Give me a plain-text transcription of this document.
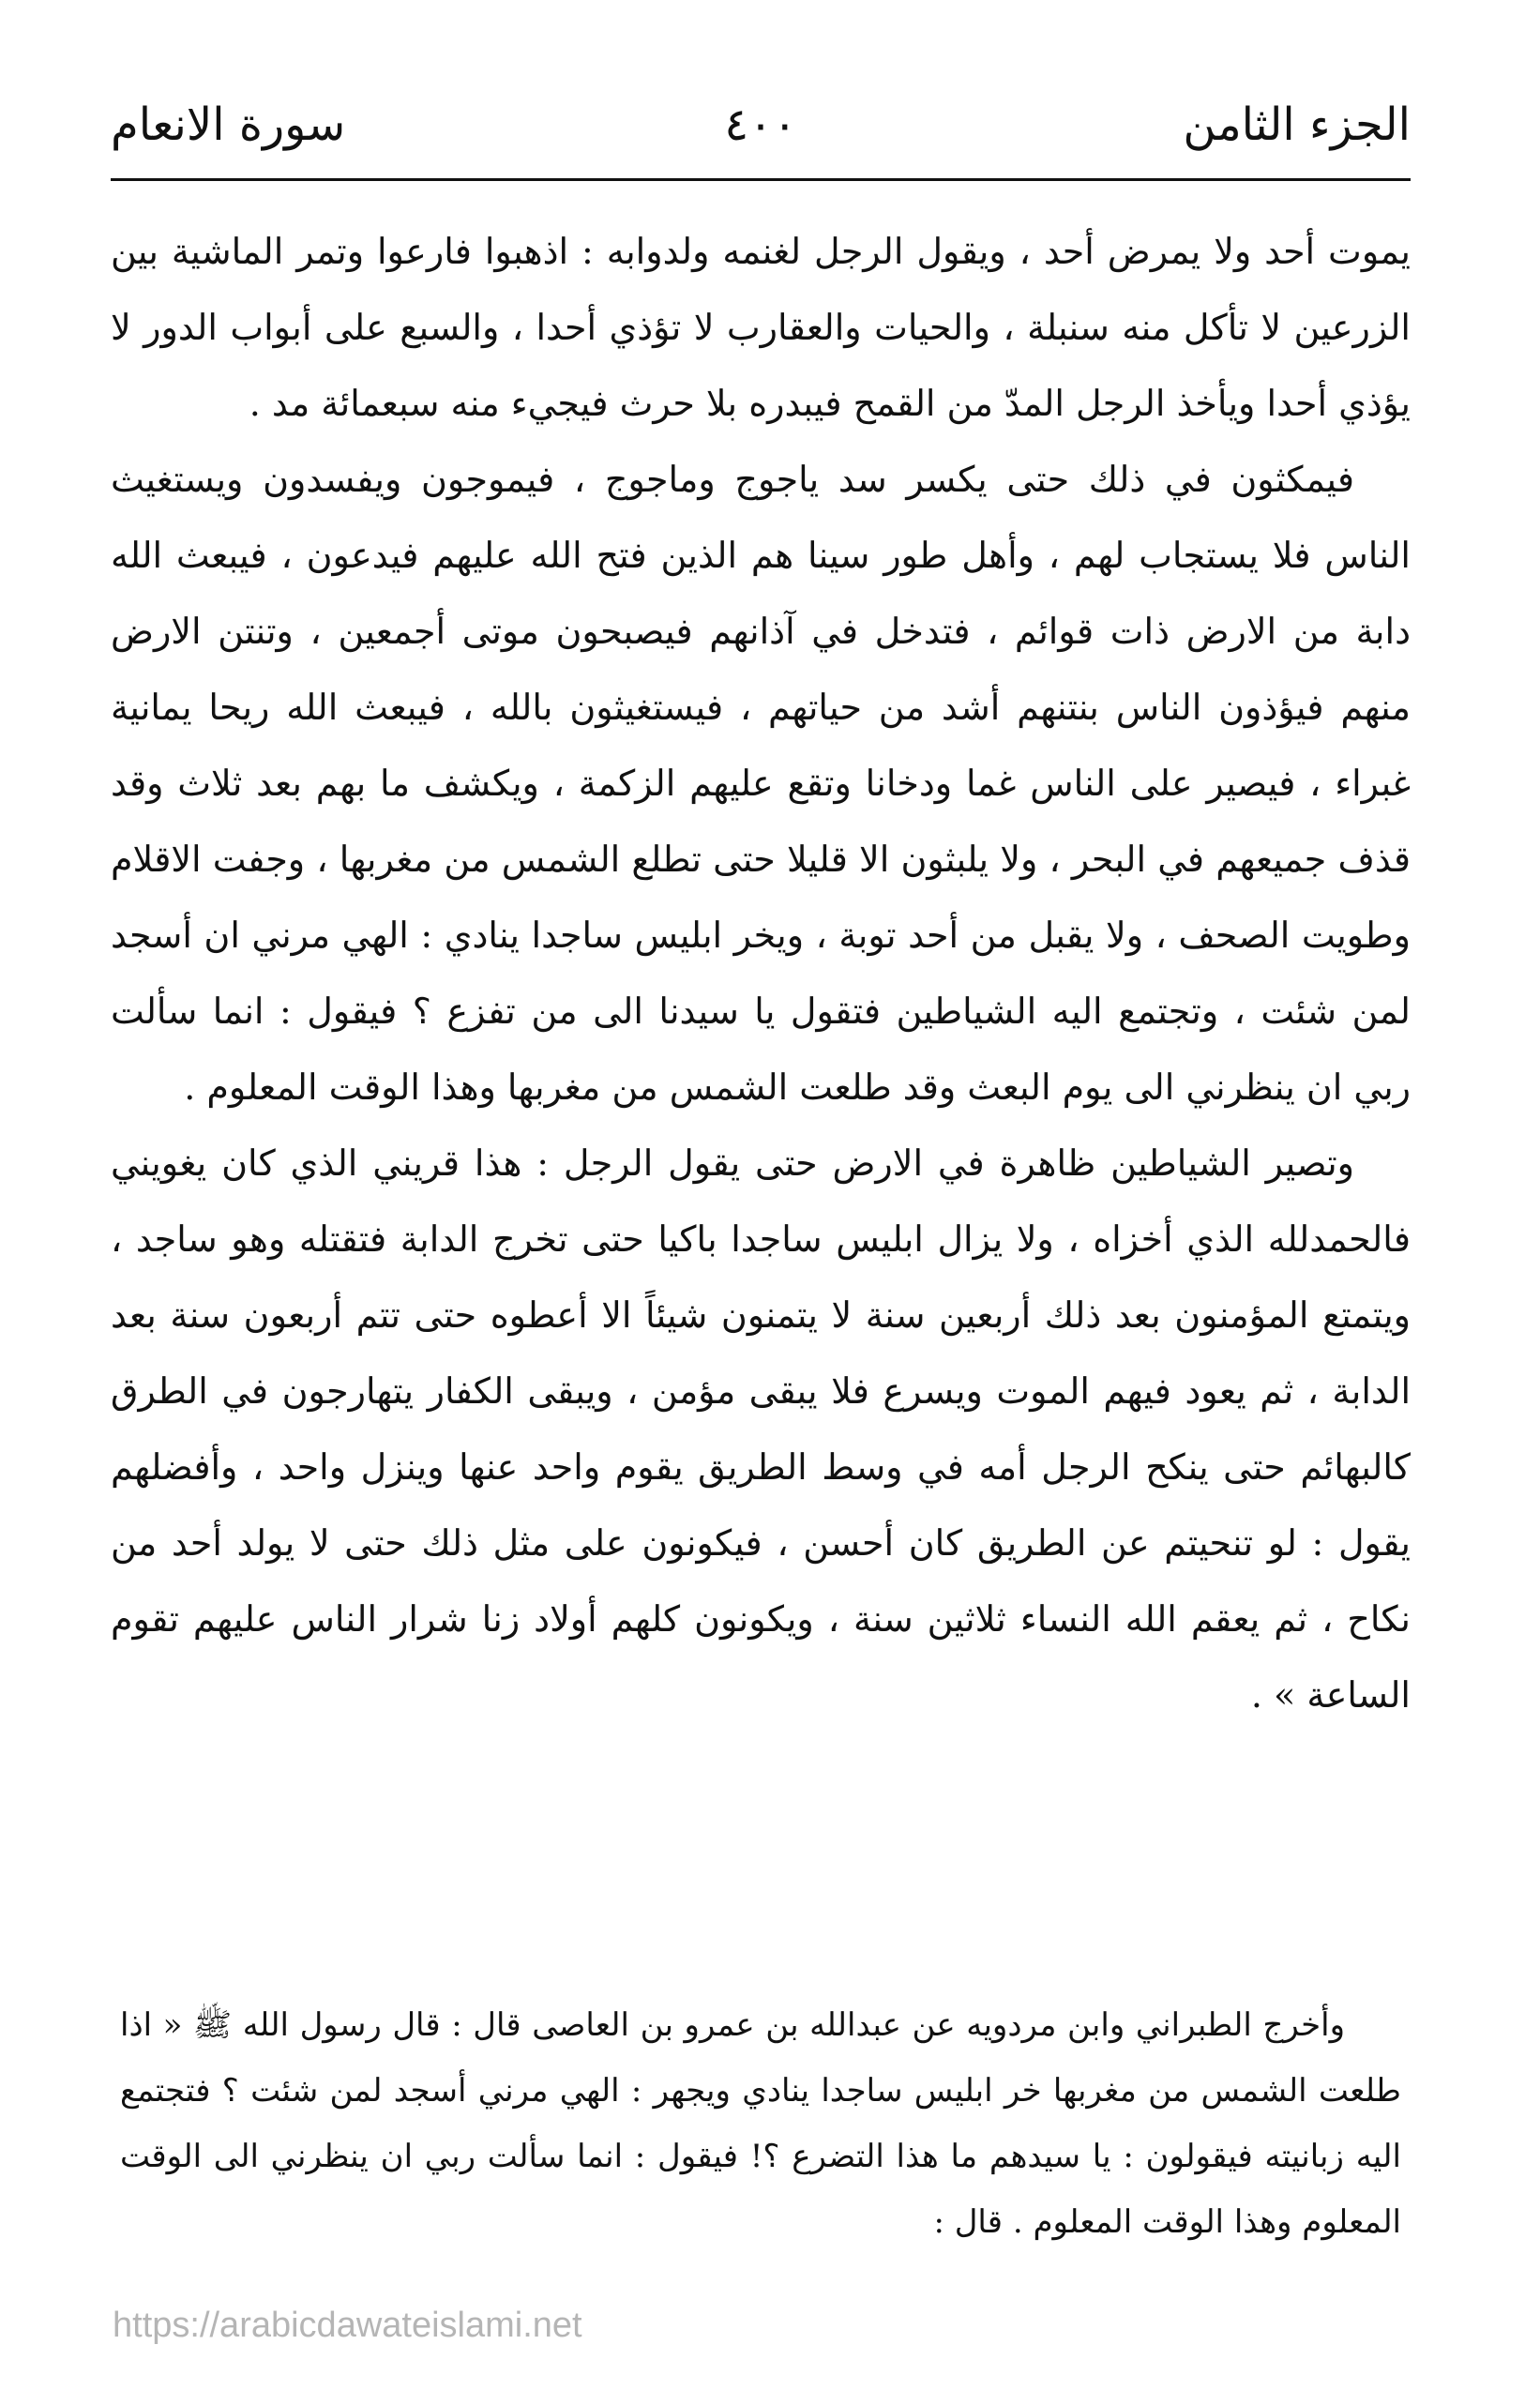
الجزء الثامن
٤٠٠
سورة الانعام

يموت أحد ولا يمرض أحد ، ويقول الرجل لغنمه ولدوابه : اذهبوا فارعوا وتمر الماشية بين الزرعين لا تأكل منه سنبلة ، والحيات والعقارب لا تؤذي أحدا ، والسبع على أبواب الدور لا يؤذي أحدا ويأخذ الرجل المدّ من القمح فيبدره بلا حرث فيجيء منه سبعمائة مد .

فيمكثون في ذلك حتى يكسر سد ياجوج وماجوج ، فيموجون ويفسدون ويستغيث الناس فلا يستجاب لهم ، وأهل طور سينا هم الذين فتح الله عليهم فيدعون ، فيبعث الله دابة من الارض ذات قوائم ، فتدخل في آذانهم فيصبحون موتى أجمعين ، وتنتن الارض منهم فيؤذون الناس بنتنهم أشد من حياتهم ، فيستغيثون بالله ، فيبعث الله ريحا يمانية غبراء ، فيصير على الناس غما ودخانا وتقع عليهم الزكمة ، ويكشف ما بهم بعد ثلاث وقد قذف جميعهم في البحر ، ولا يلبثون الا قليلا حتى تطلع الشمس من مغربها ، وجفت الاقلام وطويت الصحف ، ولا يقبل من أحد توبة ، ويخر ابليس ساجدا ينادي : الهي مرني ان أسجد لمن شئت ، وتجتمع اليه الشياطين فتقول يا سيدنا الى من تفزع ؟ فيقول : انما سألت ربي ان ينظرني الى يوم البعث وقد طلعت الشمس من مغربها وهذا الوقت المعلوم .

وتصير الشياطين ظاهرة في الارض حتى يقول الرجل : هذا قريني الذي كان يغويني فالحمدلله الذي أخزاه ، ولا يزال ابليس ساجدا باكيا حتى تخرج الدابة فتقتله وهو ساجد ، ويتمتع المؤمنون بعد ذلك أربعين سنة لا يتمنون شيئاً الا أعطوه حتى تتم أربعون سنة بعد الدابة ، ثم يعود فيهم الموت ويسرع فلا يبقى مؤمن ، ويبقى الكفار يتهارجون في الطرق كالبهائم حتى ينكح الرجل أمه في وسط الطريق يقوم واحد عنها وينزل واحد ، وأفضلهم يقول : لو تنحيتم عن الطريق كان أحسن ، فيكونون على مثل ذلك حتى لا يولد أحد من نكاح ، ثم يعقم الله النساء ثلاثين سنة ، ويكونون كلهم أولاد زنا شرار الناس عليهم تقوم الساعة » .

وأخرج الطبراني وابن مردويه عن عبدالله بن عمرو بن العاصى قال : قال رسول الله ﷺ « اذا طلعت الشمس من مغربها خر ابليس ساجدا ينادي ويجهر : الهي مرني أسجد لمن شئت ؟ فتجتمع اليه زبانيته فيقولون : يا سيدهم ما هذا التضرع ؟! فيقول : انما سألت ربي ان ينظرني الى الوقت المعلوم وهذا الوقت المعلوم . قال :

https://arabicdawateislami.net
